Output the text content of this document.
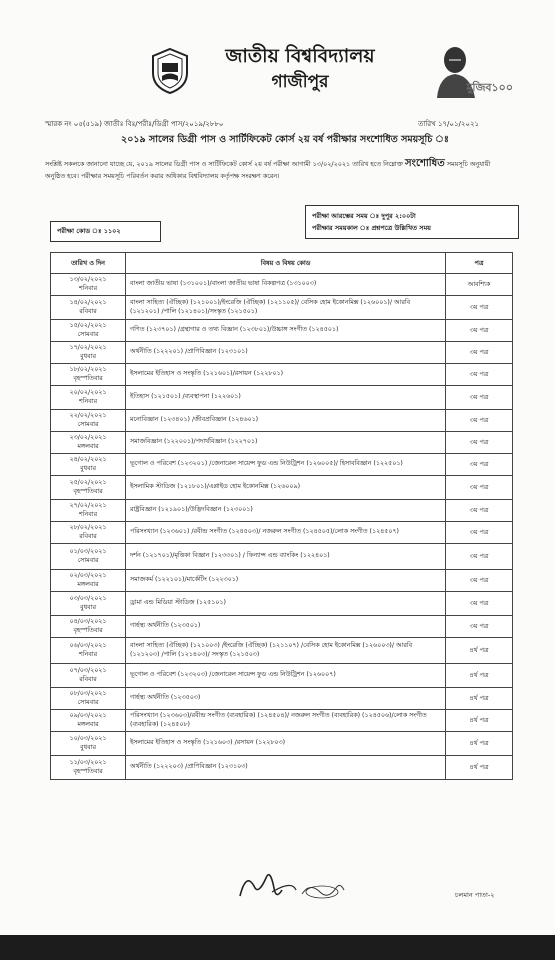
জাতীয় বিশ্ববিদ্যালয়
গাজীপুর	মুজিব১০০
স্মারক নং ০৫(৫১৯) জাতীঃ বিঃ/পরীঃ/ডিগ্রী পাস/২০১৯/২৮৮০	তারিখ ১৭/০১/২০২১
২০১৯ সালের ডিগ্রী পাস ও সার্টিফিকেট কোর্স ২য় বর্ষ পরীক্ষার সংশোধিত সময়সূচি ঃ
সংশ্লিষ্ট সকলকে জানানো যাচ্ছে যে, ২০১৯ সালের ডিগ্রী পাস ও সার্টিফিকেট কোর্স ২য় বর্ষ পরীক্ষা আগামী ১৩/০২/২০২১ তারিখ হতে নিম্নোক্ত সংশোধিত সময়সূচি অনুযায়ী অনুষ্ঠিত হবে। পরীক্ষার সময়সূচি পরিবর্তন করার অধিকার বিশ্ববিদ্যালয় কর্তৃপক্ষ সংরক্ষণ করেন।
পরীক্ষা আরম্ভের সময় ঃ দুপুর ২:০০টা
পরীক্ষার সময়কাল ঃ প্রশ্নপত্রে উল্লিখিত সময়
পরীক্ষা কোড ঃ ১১০২
তারিখ ও দিন	বিষয় ও বিষয় কোড	পত্র

১৩/০২/২০২১
শনিবার	বাংলা জাতীয় ভাষা (১৩১০০১)/বাংলা জাতীয় ভাষা বিকল্পপত্র (১৩১০০৩)	আবশ্যিক

১৪/০২/২০২১
রবিবার	বাংলা সাহিত্য (ঐচ্ছিক) (১২১০০১)/ইংরেজি (ঐচ্ছিক) (১২১১০৫)/ বেসিক হোম ইকোনমিক্স (১২৬০০১)/ আরবি (১২১২০১) /পালি (১২১৪০১)/সংস্কৃত (১২১৫০১)	৩য় পত্র

১৫/০২/২০২১
সোমবার	গণিত (১২৩৭০১) /গ্রন্থাগার ও তথ্য বিজ্ঞান (১২৩৮০১)/উচ্চাঙ্গ সংগীত (১২৪৫০১)	৩য় পত্র

১৭/০২/২০২১
বুধবার	অর্থনীতি (১২২২০১) /প্রাণিবিজ্ঞান (১২৩১০১)	৩য় পত্র

১৮/০২/২০২১
বৃহস্পতিবার	ইসলামের ইতিহাস ও সংস্কৃতি (১২১৬০১)/রসায়ন (১২২৮০১)	৩য় পত্র

২০/০২/২০২১
শনিবার	ইতিহাস (১২১৫০১) /ব্যবস্থাপনা (১২২৬০১)	৩য় পত্র

২২/০২/২০২১
সোমবার	মনোবিজ্ঞান (১২৩৪০১) /জীবপ্রবিজ্ঞান (১২৪৬০১)	৩য় পত্র

২৩/০২/২০২১
মঙ্গলবার	সমাজবিজ্ঞান (১২২০০১)/পদার্থবিজ্ঞান (১২২৭০১)	৩য় পত্র

২৪/০২/২০২১
বুধবার	ভূগোল ও পরিবেশ (১২৩২০১) /জেনারেল সায়েন্স ফুড এন্ড নিউট্রিশন (১২৬০০৫)/ হিসাববিজ্ঞান (১২২৫০১)	৩য় পত্র

২৫/০২/২০২১
বৃহস্পতিবার	ইসলামিক স্টাডিজ (১২১৮০১)/এপ্লাইড হোম ইকোনমিক্স (১২৬০০৯)	৩য় পত্র

২৭/০২/২০২১
শনিবার	রাষ্ট্রবিজ্ঞান (১২১৯০১)/উদ্ভিদবিজ্ঞান (১২৩০০১)	৩য় পত্র

২৮/০২/২০২১
রবিবার	পরিসংখ্যান (১২৩৬০১) /রবীন্দ্র সংগীত (১২৪৫০৩)/ নজরুল সংগীত (১২৪৫০৫)/লোক সংগীত (১২৪৫০৭)	৩য় পত্র

০১/০৩/২০২১
সোমবার	দর্শন (১২১৭০১)/মৃত্তিকা বিজ্ঞান (১২৩৩০১) / ফিন্যান্স এন্ড ব্যাংকিং (১২২৪০১)	৩য় পত্র

০২/০৩/২০২১
মঙ্গলবার	সমাজকর্ম (১২২১০১)/মার্কেটিং (১২২৩০১)	৩য় পত্র

০৩/০৩/২০২১
বুধবার	ড্রামা এন্ড মিডিয়া স্টাডিজ (১২৫১০১)	৩য় পত্র

০৪/০৩/২০২১
বৃহস্পতিবার	গার্হস্থ্য অর্থনীতি (১২৩৫০১)	৩য় পত্র

০৬/০৩/২০২১
শনিবার	বাংলা সাহিত্য (ঐচ্ছিক) (১২১০০৩) /ইংরেজি (ঐচ্ছিক) (১২১১০৭) /বেসিক হোম ইকোনমিক্স (১২৬০০৩)/ আরবি (১২১২০৩) /পালি (১২১৪০৩)/ সংস্কৃত (১২১৫০৩)	৪র্থ পত্র

০৭/০৩/২০২১
রবিবার	ভূগোল ও পরিবেশ (১২৩২০৩) /জেনারেল সায়েন্স ফুড এন্ড নিউট্রিশন (১২৬০০৭)	৪র্থ পত্র

০৮/০৩/২০২১
সোমবার	গার্হস্থ্য অর্থনীতি (১২৩৫০৩)	৪র্থ পত্র

০৯/০৩/২০২১
মঙ্গলবার	পরিসংখ্যান (১২৩৬০৩)/রবীন্দ্র সংগীত (ব্যবহারিক) (১২৪৫০৪)/ নজরুল সংগীত (ব্যবহারিক) (১২৪৫০৬)/লোক সংগীত (ব্যবহারিক) (১২৪৫০৮)	৪র্থ পত্র

১০/০৩/২০২১
বুধবার	ইসলামের ইতিহাস ও সংস্কৃতি (১২১৬০৩) /রসায়ন (১২২৮০৩)	৪র্থ পত্র

১১/০৩/২০২১
বৃহস্পতিবার	অর্থনীতি (১২২২০৩) /প্রাণিবিজ্ঞান (১২৩১০৩)	৪র্থ পত্র
চলমান পাতা-২
